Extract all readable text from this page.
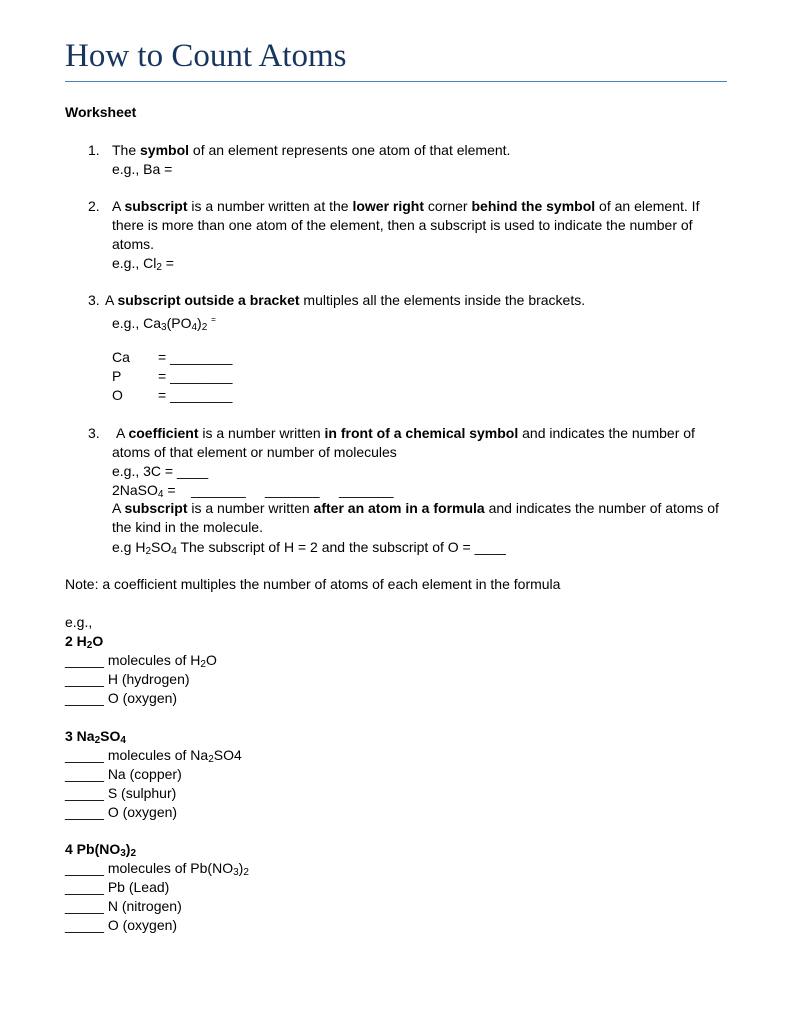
How to Count Atoms
Worksheet
1. The symbol of an element represents one atom of that element.
e.g., Ba =
2. A subscript is a number written at the lower right corner behind the symbol of an element. If
there is more than one atom of the element, then a subscript is used to indicate the number of
atoms.
e.g., $Cl_2$ =
3. A subscript outside a bracket multiples all the elements inside the brackets.
e.g., $Ca_3(PO_4)_2$ =
Ca = ________
P	= ________
O	= ________
3. A coefficient is a number written in front of a chemical symbol and indicates the number of
atoms of that element or number of molecules
e.g., 3C = ____
2NaSO$_4$ =    _______     _______     _______
A subscript is a number written after an atom in a formula and indicates the number of atoms of
the kind in the molecule.
e.g $H_2SO_4$ The subscript of H = 2 and the subscript of O = ____
Note: a coefficient multiples the number of atoms of each element in the formula
e.g.,
2 $H_2O$
_____ molecules of $H_2O$
_____ H (hydrogen)
_____ O (oxygen)
3 $Na_2SO_4$
_____ molecules of $Na_2SO4$
_____ Na (copper)
_____ S (sulphur)
_____ O (oxygen)
4 $Pb(NO_3)_2$
_____ molecules of $Pb(NO_3)_2$
_____ Pb (Lead)
_____ N (nitrogen)
_____ O (oxygen)
